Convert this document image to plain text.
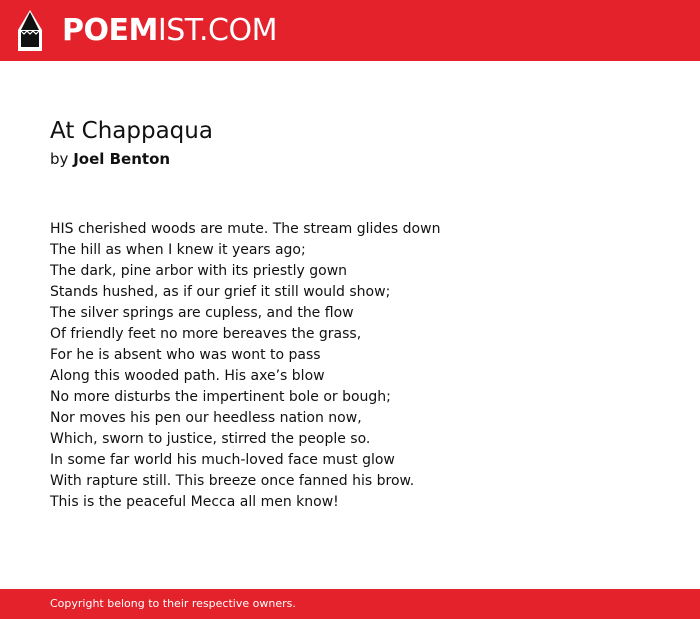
POEMIST.COM
At Chappaqua
by Joel Benton
HIS cherished woods are mute. The stream glides down
The hill as when I knew it years ago;
The dark, pine arbor with its priestly gown
Stands hushed, as if our grief it still would show;
The silver springs are cupless, and the flow
Of friendly feet no more bereaves the grass,
For he is absent who was wont to pass
Along this wooded path. His axe’s blow
No more disturbs the impertinent bole or bough;
Nor moves his pen our heedless nation now,
Which, sworn to justice, stirred the people so.
In some far world his much-loved face must glow
With rapture still. This breeze once fanned his brow.
This is the peaceful Mecca all men know!
Copyright belong to their respective owners.
